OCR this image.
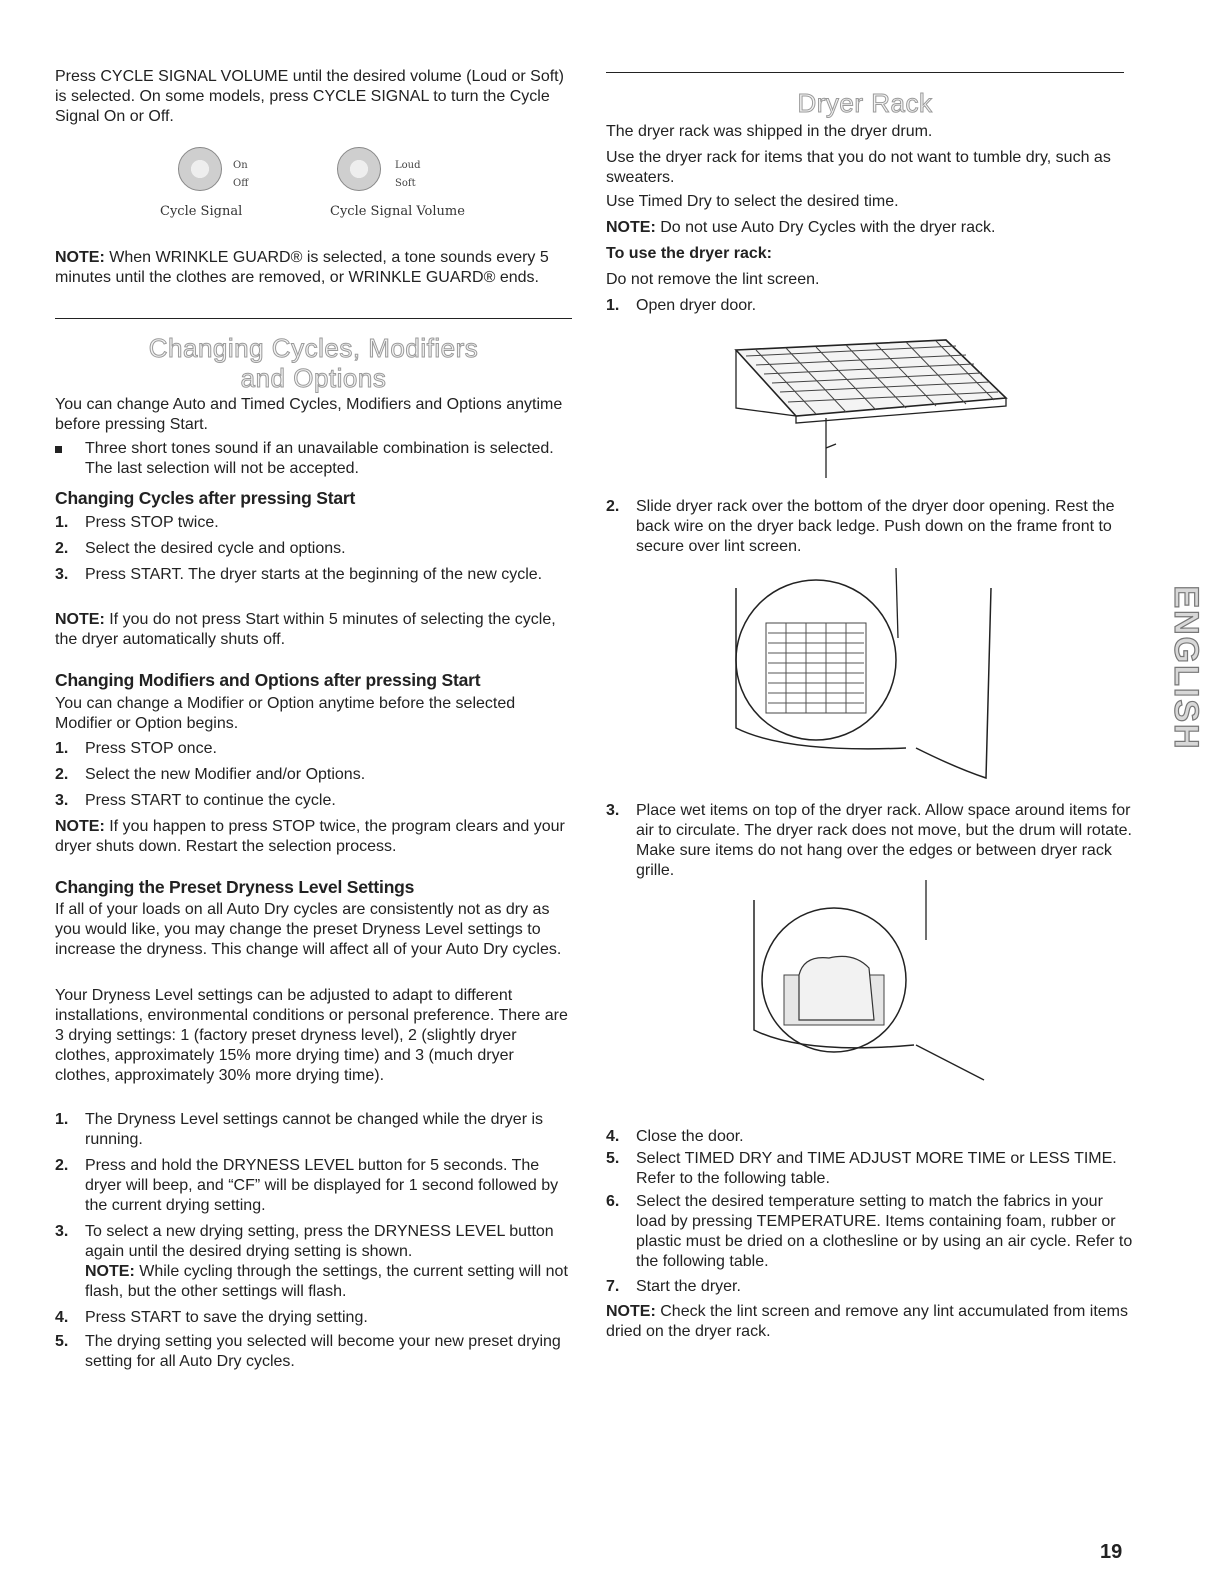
Press CYCLE SIGNAL VOLUME until the desired volume (Loud or Soft) is selected. On some models, press CYCLE SIGNAL to turn the Cycle Signal On or Off.

On
Off
Cycle Signal
Loud
Soft
Cycle Signal Volume

NOTE: When WRINKLE GUARD® is selected, a tone sounds every 5 minutes until the clothes are removed, or WRINKLE GUARD® ends.

Changing Cycles, Modifiers
and Options

You can change Auto and Timed Cycles, Modifiers and Options anytime before pressing Start.

Three short tones sound if an unavailable combination is selected. The last selection will not be accepted.

Changing Cycles after pressing Start

1. Press STOP twice.

2. Select the desired cycle and options.

3. Press START. The dryer starts at the beginning of the new cycle.

NOTE: If you do not press Start within 5 minutes of selecting the cycle, the dryer automatically shuts off.

Changing Modifiers and Options after pressing Start

You can change a Modifier or Option anytime before the selected Modifier or Option begins.

1. Press STOP once.

2. Select the new Modifier and/or Options.

3. Press START to continue the cycle.

NOTE: If you happen to press STOP twice, the program clears and your dryer shuts down. Restart the selection process.

Changing the Preset Dryness Level Settings

If all of your loads on all Auto Dry cycles are consistently not as dry as you would like, you may change the preset Dryness Level settings to increase the dryness. This change will affect all of your Auto Dry cycles.

Your Dryness Level settings can be adjusted to adapt to different installations, environmental conditions or personal preference. There are 3 drying settings: 1 (factory preset dryness level), 2 (slightly dryer clothes, approximately 15% more drying time) and 3 (much dryer clothes, approximately 30% more drying time).

1. The Dryness Level settings cannot be changed while the dryer is running.

2. Press and hold the DRYNESS LEVEL button for 5 seconds. The dryer will beep, and “CF” will be displayed for 1 second followed by the current drying setting.

3. To select a new drying setting, press the DRYNESS LEVEL button again until the desired drying setting is shown.

NOTE: While cycling through the settings, the current setting will not flash, but the other settings will flash.

4. Press START to save the drying setting.

5. The drying setting you selected will become your new preset drying setting for all Auto Dry cycles.

Dryer Rack

The dryer rack was shipped in the dryer drum.

Use the dryer rack for items that you do not want to tumble dry, such as sweaters.

Use Timed Dry to select the desired time.

NOTE: Do not use Auto Dry Cycles with the dryer rack.

To use the dryer rack:

Do not remove the lint screen.

1. Open dryer door.

2. Slide dryer rack over the bottom of the dryer door opening. Rest the back wire on the dryer back ledge. Push down on the frame front to secure over lint screen.

3. Place wet items on top of the dryer rack. Allow space around items for air to circulate. The dryer rack does not move, but the drum will rotate. Make sure items do not hang over the edges or between dryer rack grille.

4. Close the door.

5. Select TIMED DRY and TIME ADJUST MORE TIME or LESS TIME. Refer to the following table.

6. Select the desired temperature setting to match the fabrics in your load by pressing TEMPERATURE. Items containing foam, rubber or plastic must be dried on a clothesline or by using an air cycle. Refer to the following table.

7. Start the dryer.

NOTE: Check the lint screen and remove any lint accumulated from items dried on the dryer rack.

ENGLISH
19
